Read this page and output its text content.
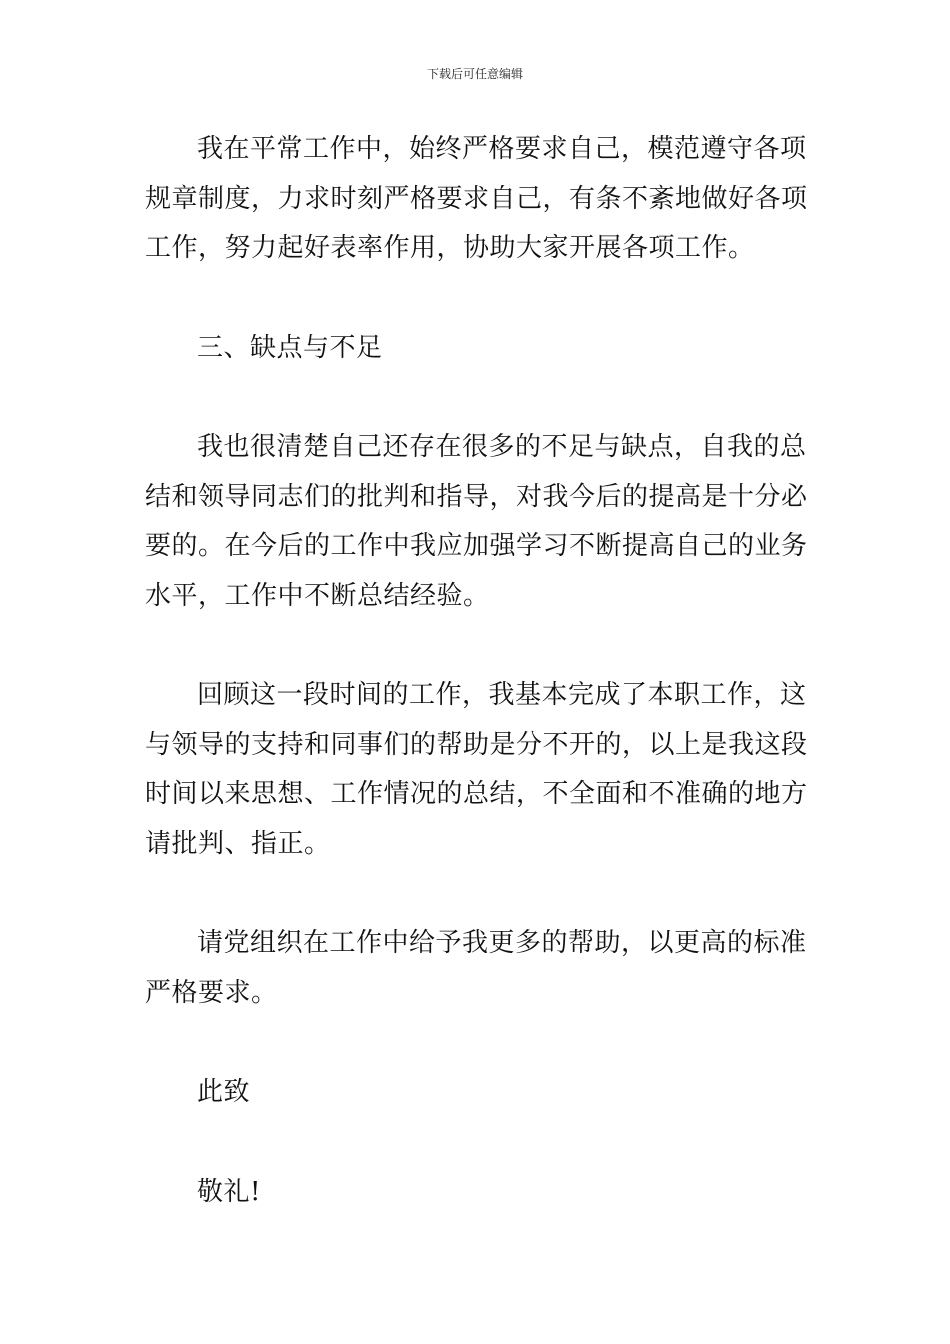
下载后可任意编辑

我在平常工作中，始终严格要求自己，模范遵守各项规章制度，力求时刻严格要求自己，有条不紊地做好各项工作，努力起好表率作用，协助大家开展各项工作。

三、缺点与不足

我也很清楚自己还存在很多的不足与缺点，自我的总结和领导同志们的批判和指导，对我今后的提高是十分必要的。在今后的工作中我应加强学习不断提高自己的业务水平，工作中不断总结经验。

回顾这一段时间的工作，我基本完成了本职工作，这与领导的支持和同事们的帮助是分不开的，以上是我这段时间以来思想、工作情况的总结，不全面和不准确的地方请批判、指正。

请党组织在工作中给予我更多的帮助，以更高的标准严格要求。

此致

敬礼!
